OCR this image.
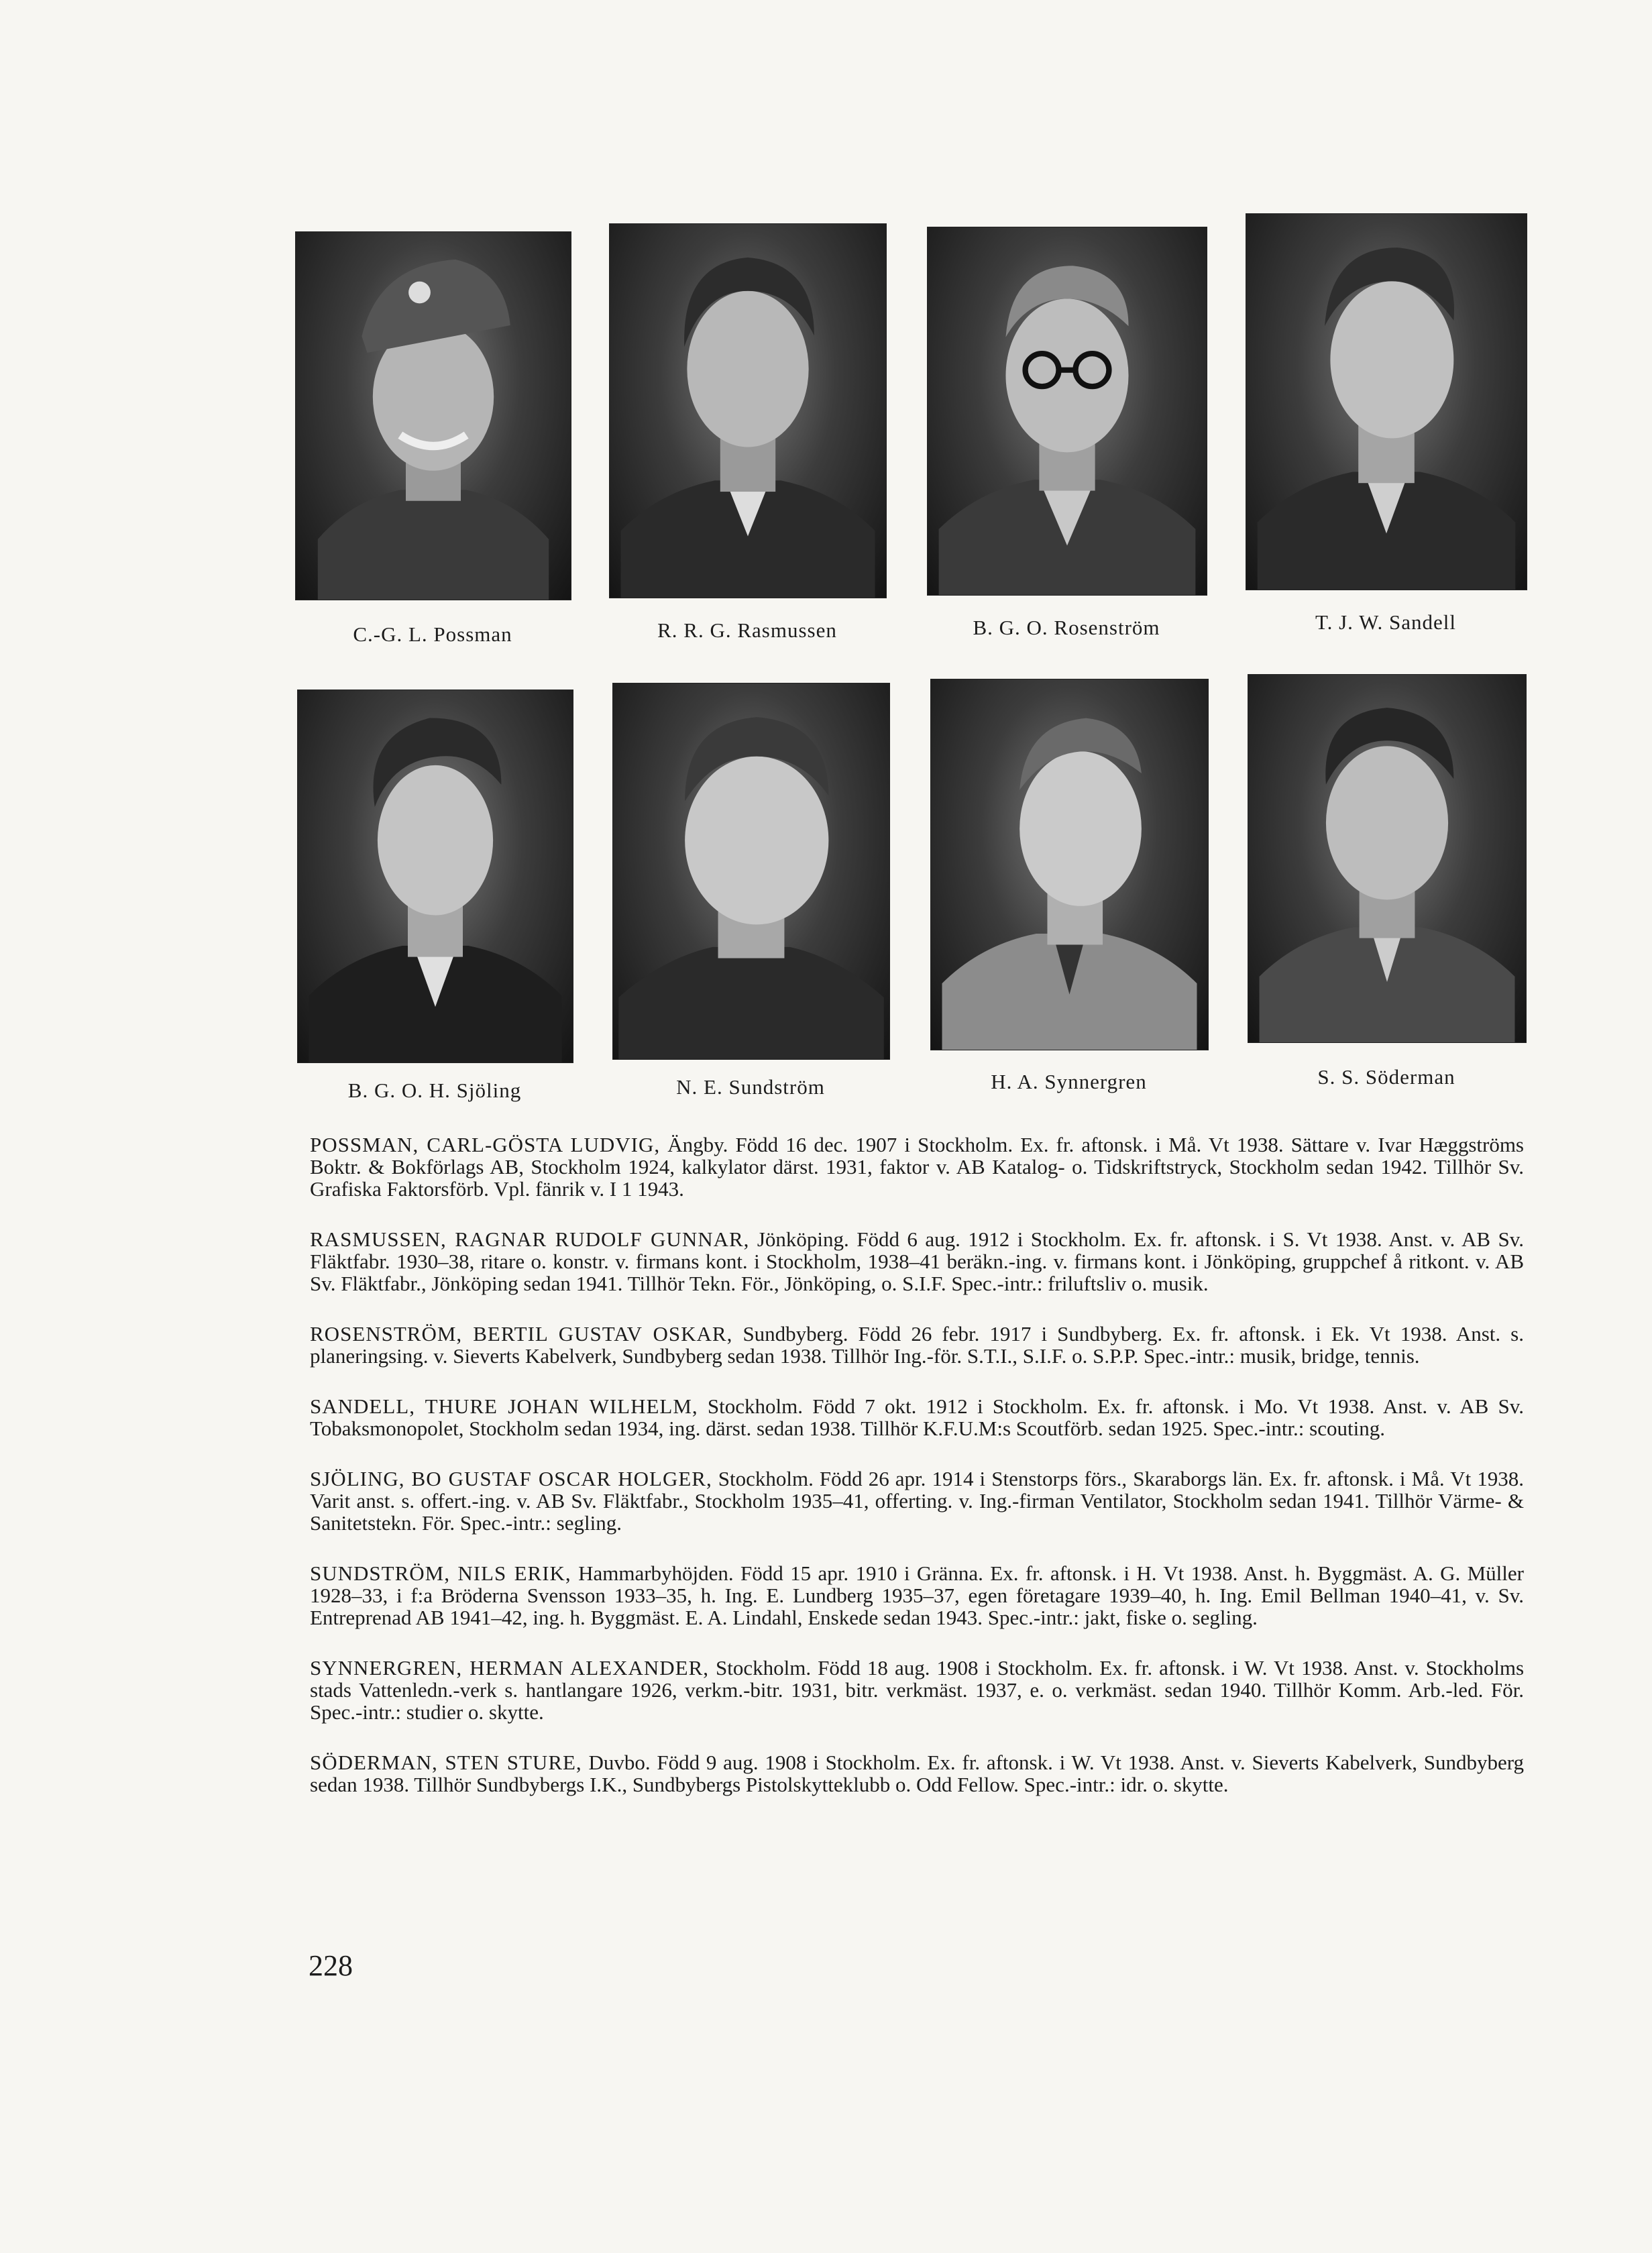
C.-G. L. Possman	R. R. G. Rasmussen	B. G. O. Rosenström	T. J. W. Sandell
B. G. O. H. Sjöling	N. E. Sundström	H. A. Synnergren	S. S. Söderman

POSSMAN, CARL-GÖSTA LUDVIG, Ängby. Född 16 dec. 1907 i Stockholm. Ex. fr. aftonsk. i Må. Vt 1938. Sättare v. Ivar Hæggströms Boktr. & Bokförlags AB, Stockholm 1924, kalkylator därst. 1931, faktor v. AB Katalog- o. Tidskriftstryck, Stockholm sedan 1942. Tillhör Sv. Grafiska Faktorsförb. Vpl. fänrik v. I 1 1943.

RASMUSSEN, RAGNAR RUDOLF GUNNAR, Jönköping. Född 6 aug. 1912 i Stockholm. Ex. fr. aftonsk. i S. Vt 1938. Anst. v. AB Sv. Fläktfabr. 1930–38, ritare o. konstr. v. firmans kont. i Stockholm, 1938–41 beräkn.-ing. v. firmans kont. i Jönköping, gruppchef å ritkont. v. AB Sv. Fläktfabr., Jönköping sedan 1941. Tillhör Tekn. För., Jönköping, o. S.I.F. Spec.-intr.: friluftsliv o. musik.

ROSENSTRÖM, BERTIL GUSTAV OSKAR, Sundbyberg. Född 26 febr. 1917 i Sundbyberg. Ex. fr. aftonsk. i Ek. Vt 1938. Anst. s. planeringsing. v. Sieverts Kabelverk, Sundbyberg sedan 1938. Tillhör Ing.-för. S.T.I., S.I.F. o. S.P.P. Spec.-intr.: musik, bridge, tennis.

SANDELL, THURE JOHAN WILHELM, Stockholm. Född 7 okt. 1912 i Stockholm. Ex. fr. aftonsk. i Mo. Vt 1938. Anst. v. AB Sv. Tobaksmonopolet, Stockholm sedan 1934, ing. därst. sedan 1938. Tillhör K.F.U.M:s Scoutförb. sedan 1925. Spec.-intr.: scouting.

SJÖLING, BO GUSTAF OSCAR HOLGER, Stockholm. Född 26 apr. 1914 i Stenstorps förs., Skaraborgs län. Ex. fr. aftonsk. i Må. Vt 1938. Varit anst. s. offert.-ing. v. AB Sv. Fläktfabr., Stockholm 1935–41, offerting. v. Ing.-firman Ventilator, Stockholm sedan 1941. Tillhör Värme- & Sanitetstekn. För. Spec.-intr.: segling.

SUNDSTRÖM, NILS ERIK, Hammarbyhöjden. Född 15 apr. 1910 i Gränna. Ex. fr. aftonsk. i H. Vt 1938. Anst. h. Byggmäst. A. G. Müller 1928–33, i f:a Bröderna Svensson 1933–35, h. Ing. E. Lundberg 1935–37, egen företagare 1939–40, h. Ing. Emil Bellman 1940–41, v. Sv. Entreprenad AB 1941–42, ing. h. Byggmäst. E. A. Lindahl, Enskede sedan 1943. Spec.-intr.: jakt, fiske o. segling.

SYNNERGREN, HERMAN ALEXANDER, Stockholm. Född 18 aug. 1908 i Stockholm. Ex. fr. aftonsk. i W. Vt 1938. Anst. v. Stockholms stads Vattenledn.-verk s. hantlangare 1926, verkm.-bitr. 1931, bitr. verkmäst. 1937, e. o. verkmäst. sedan 1940. Tillhör Komm. Arb.-led. För. Spec.-intr.: studier o. skytte.

SÖDERMAN, STEN STURE, Duvbo. Född 9 aug. 1908 i Stockholm. Ex. fr. aftonsk. i W. Vt 1938. Anst. v. Sieverts Kabelverk, Sundbyberg sedan 1938. Tillhör Sundbybergs I.K., Sundbybergs Pistolskytteklubb o. Odd Fellow. Spec.-intr.: idr. o. skytte.

228
